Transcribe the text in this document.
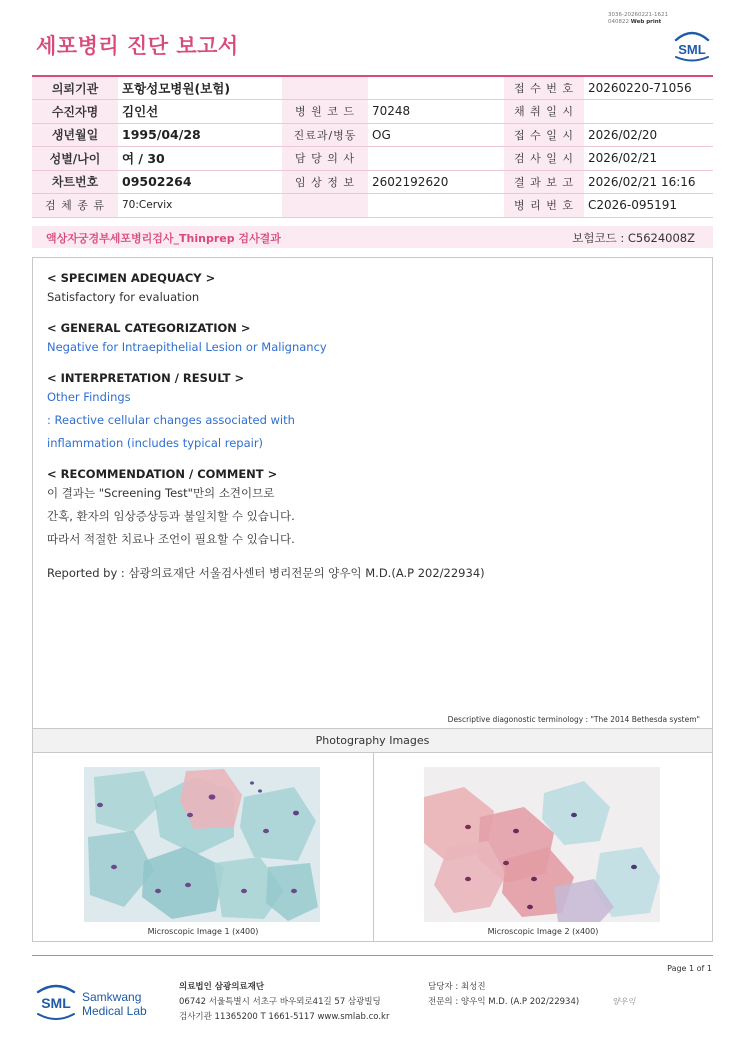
3036-20260221-1621
040822 Web print
세포병리 진단 보고서	SML
의뢰기관	포항성모병원(보험)			접 수 번 호	20260220-71056
수진자명	김인선	병 원 코 드	70248	채 취 일 시	
생년월일	1995/04/28	진료과/병동	OG	접 수 일 시	2026/02/20
성별/나이	여 / 30	담 당 의 사		검 사 일 시	2026/02/21
차트번호	09502264	임 상 정 보	2602192620	결 과 보 고	2026/02/21 16:16
검 체 종 류	70:Cervix			병 리 번 호	C2026-095191
액상자궁경부세포병리검사_Thinprep 검사결과	보험코드 : C5624008Z
< SPECIMEN ADEQUACY >
Satisfactory for evaluation
< GENERAL CATEGORIZATION >
Negative for Intraepithelial Lesion or Malignancy
< INTERPRETATION / RESULT >
Other Findings
: Reactive cellular changes associated with
inflammation (includes typical repair)
< RECOMMENDATION / COMMENT >
이 결과는 "Screening Test"만의 소견이므로
간혹, 환자의 임상증상등과 불일치할 수 있습니다.
따라서 적절한 치료나 조언이 필요할 수 있습니다.
Reported by : 삼광의료재단 서울검사센터 병리전문의 양우익 M.D.(A.P 202/22934)
Descriptive diagonostic terminology : "The 2014 Bethesda system"
Photography Images
Microscopic Image 1 (x400)	Microscopic Image 2 (x400)
Page 1 of 1
SML Samkwang
Medical Lab
의료법인 삼광의료재단
06742 서울특별시 서초구 바우뫼로41길 57 삼광빌딩
검사기관 11365200 T 1661-5117 www.smlab.co.kr
담당자 : 최성진
전문의 : 양우익 M.D. (A.P 202/22934)	양우익
